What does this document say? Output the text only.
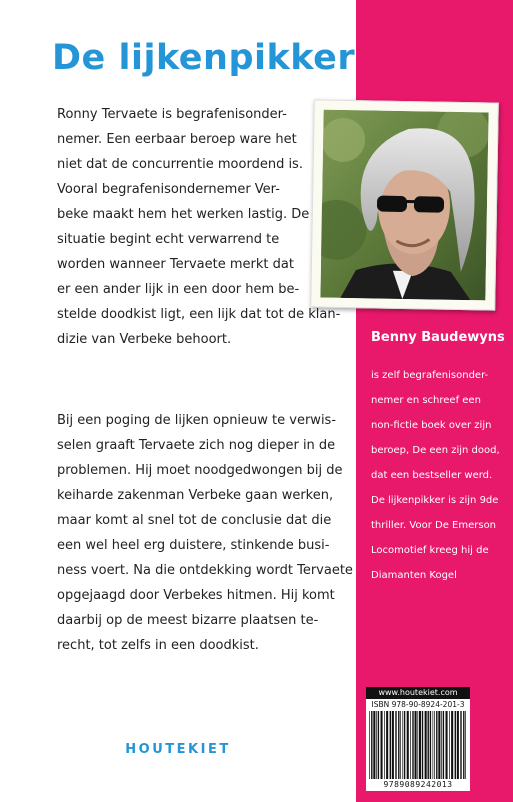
De lijkenpikker

Ronny Tervaete is begrafenisonder-
nemer. Een eerbaar beroep ware het
niet dat de concurrentie moordend is.
Vooral begrafenisondernemer Ver-
beke maakt hem het werken lastig. De
situatie begint echt verwarrend te
worden wanneer Tervaete merkt dat
er een ander lijk in een door hem be-
stelde doodkist ligt, een lijk dat tot de klan-
dizie van Verbeke behoort.

Bij een poging de lijken opnieuw te verwis-
selen graaft Tervaete zich nog dieper in de
problemen. Hij moet noodgedwongen bij de
keiharde zakenman Verbeke gaan werken,
maar komt al snel tot de conclusie dat die
een wel heel erg duistere, stinkende busi-
ness voert. Na die ontdekking wordt Tervaete
opgejaagd door Verbekes hitmen. Hij komt
daarbij op de meest bizarre plaatsen te-
recht, tot zelfs in een doodkist.

HOUTEKIET
Benny Baudewyns

is zelf begrafenisonder-
nemer en schreef een
non-fictie boek over zijn
beroep, De een zijn dood,
dat een bestseller werd.
De lijkenpikker is zijn 9de
thriller. Voor De Emerson
Locomotief kreeg hij de
Diamanten Kogel

www.houtekiet.com
ISBN 978-90-8924-201-3
9789089242013
